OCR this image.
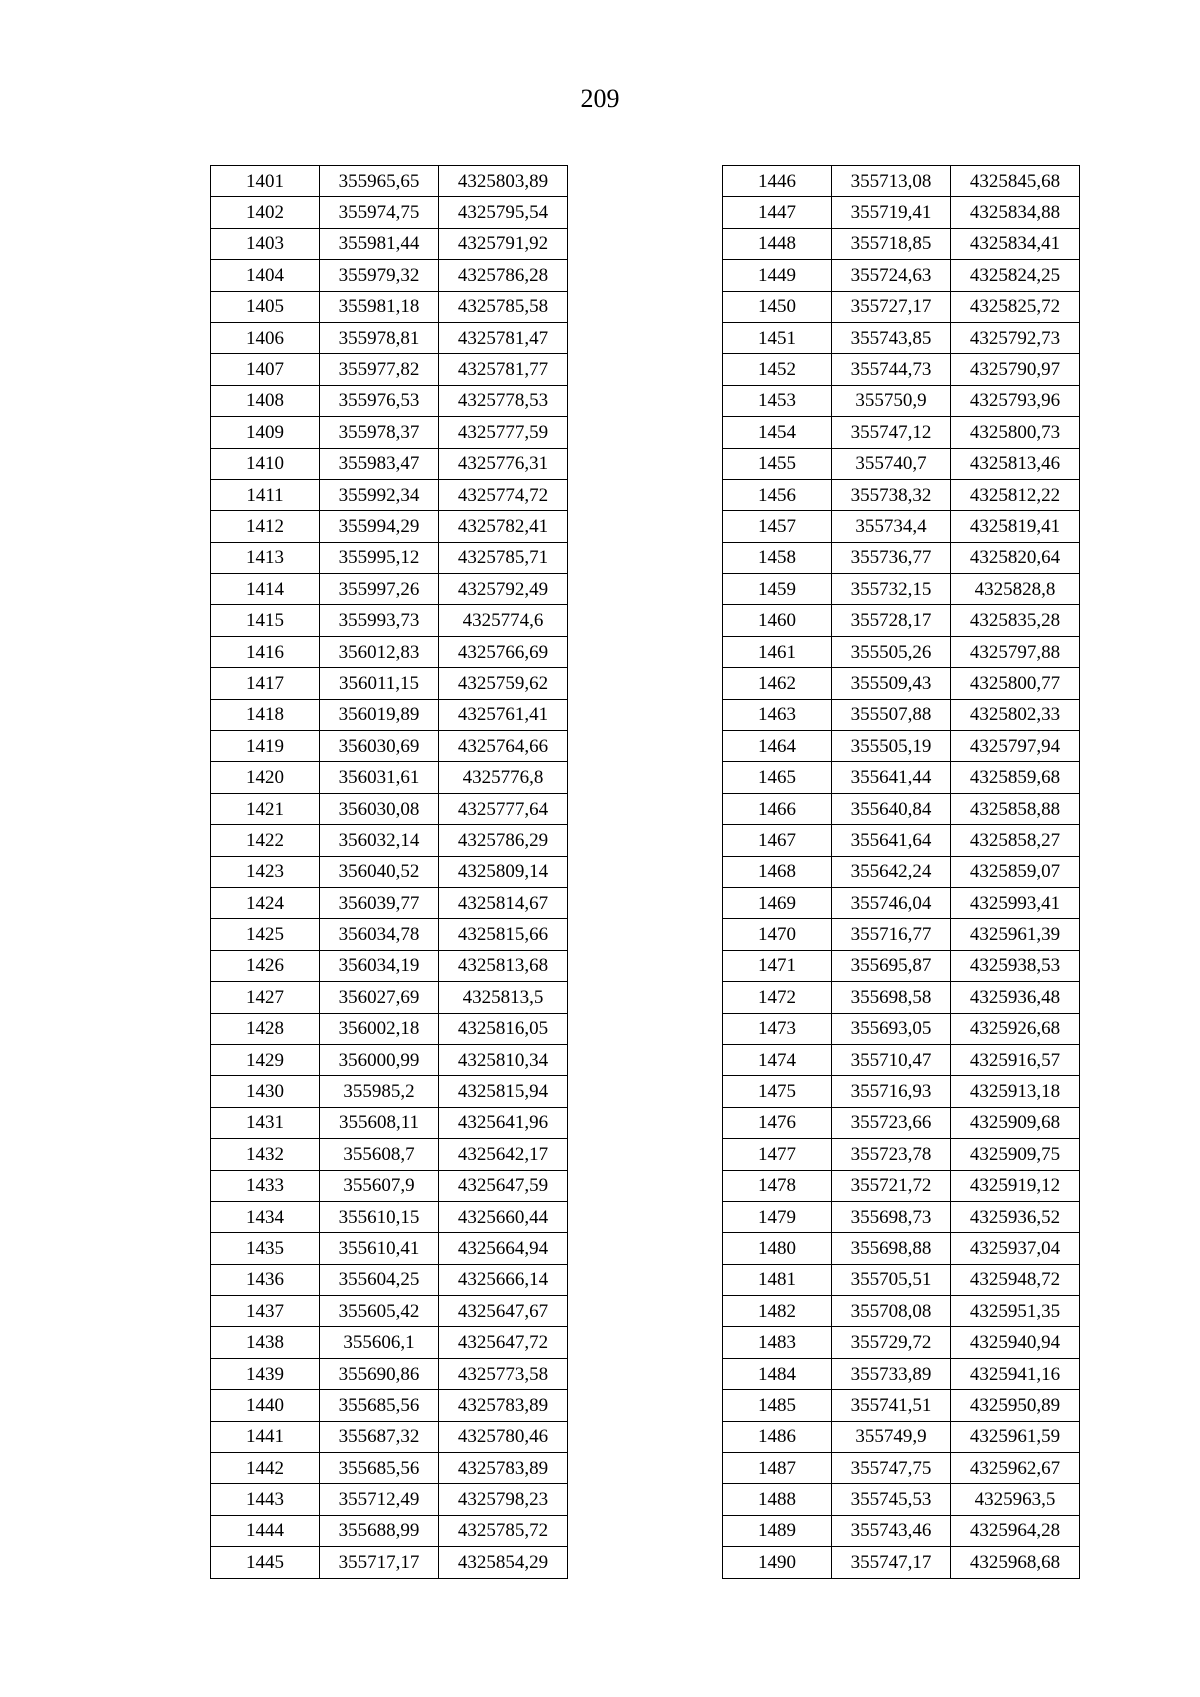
209
1401	355965,65	4325803,89
1402	355974,75	4325795,54
1403	355981,44	4325791,92
1404	355979,32	4325786,28
1405	355981,18	4325785,58
1406	355978,81	4325781,47
1407	355977,82	4325781,77
1408	355976,53	4325778,53
1409	355978,37	4325777,59
1410	355983,47	4325776,31
1411	355992,34	4325774,72
1412	355994,29	4325782,41
1413	355995,12	4325785,71
1414	355997,26	4325792,49
1415	355993,73	4325774,6
1416	356012,83	4325766,69
1417	356011,15	4325759,62
1418	356019,89	4325761,41
1419	356030,69	4325764,66
1420	356031,61	4325776,8
1421	356030,08	4325777,64
1422	356032,14	4325786,29
1423	356040,52	4325809,14
1424	356039,77	4325814,67
1425	356034,78	4325815,66
1426	356034,19	4325813,68
1427	356027,69	4325813,5
1428	356002,18	4325816,05
1429	356000,99	4325810,34
1430	355985,2	4325815,94
1431	355608,11	4325641,96
1432	355608,7	4325642,17
1433	355607,9	4325647,59
1434	355610,15	4325660,44
1435	355610,41	4325664,94
1436	355604,25	4325666,14
1437	355605,42	4325647,67
1438	355606,1	4325647,72
1439	355690,86	4325773,58
1440	355685,56	4325783,89
1441	355687,32	4325780,46
1442	355685,56	4325783,89
1443	355712,49	4325798,23
1444	355688,99	4325785,72
1445	355717,17	4325854,29
1446	355713,08	4325845,68
1447	355719,41	4325834,88
1448	355718,85	4325834,41
1449	355724,63	4325824,25
1450	355727,17	4325825,72
1451	355743,85	4325792,73
1452	355744,73	4325790,97
1453	355750,9	4325793,96
1454	355747,12	4325800,73
1455	355740,7	4325813,46
1456	355738,32	4325812,22
1457	355734,4	4325819,41
1458	355736,77	4325820,64
1459	355732,15	4325828,8
1460	355728,17	4325835,28
1461	355505,26	4325797,88
1462	355509,43	4325800,77
1463	355507,88	4325802,33
1464	355505,19	4325797,94
1465	355641,44	4325859,68
1466	355640,84	4325858,88
1467	355641,64	4325858,27
1468	355642,24	4325859,07
1469	355746,04	4325993,41
1470	355716,77	4325961,39
1471	355695,87	4325938,53
1472	355698,58	4325936,48
1473	355693,05	4325926,68
1474	355710,47	4325916,57
1475	355716,93	4325913,18
1476	355723,66	4325909,68
1477	355723,78	4325909,75
1478	355721,72	4325919,12
1479	355698,73	4325936,52
1480	355698,88	4325937,04
1481	355705,51	4325948,72
1482	355708,08	4325951,35
1483	355729,72	4325940,94
1484	355733,89	4325941,16
1485	355741,51	4325950,89
1486	355749,9	4325961,59
1487	355747,75	4325962,67
1488	355745,53	4325963,5
1489	355743,46	4325964,28
1490	355747,17	4325968,68
